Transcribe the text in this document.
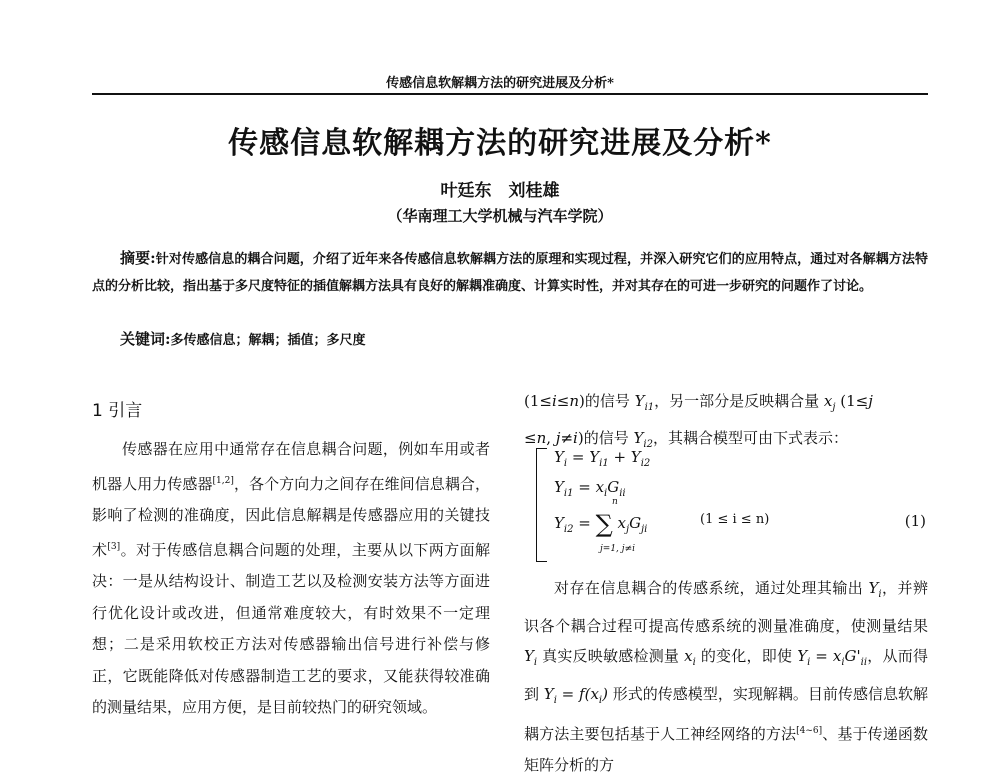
传感信息软解耦方法的研究进展及分析*
传感信息软解耦方法的研究进展及分析*
叶廷东　刘桂雄
（华南理工大学机械与汽车学院）
摘要:针对传感信息的耦合问题，介绍了近年来各传感信息软解耦方法的原理和实现过程，并深入研究它们的应用特点，通过对各解耦方法特点的分析比较，指出基于多尺度特征的插值解耦方法具有良好的解耦准确度、计算实时性，并对其存在的可进一步研究的问题作了讨论。
关键词:多传感信息；解耦；插值；多尺度
1 引言
传感器在应用中通常存在信息耦合问题，例如车用或者机器人用力传感器[1,2]，各个方向力之间存在维间信息耦合，影响了检测的准确度，因此信息解耦是传感器应用的关键技术[3]。对于传感信息耦合问题的处理，主要从以下两方面解决：一是从结构设计、制造工艺以及检测安装方法等方面进行优化设计或改进，但通常难度较大，有时效果不一定理想；二是采用软校正方法对传感器输出信号进行补偿与修正，它既能降低对传感器制造工艺的要求，又能获得较准确的测量结果，应用方便，是目前较热门的研究领域。
(1≤i≤n)的信号 $Y_{i1}$，另一部分是反映耦合量 $x_j$ (1≤j
≤n, j≠i)的信号 $Y_{i2}$，其耦合模型可由下式表示：
$Y_i = Y_{i1} + Y_{i2}$
$Y_{i1} = x_iG_{ii}$
$Y_{i2}$ = ∑ $x_jG_{ji}$
n
j=1, j≠i
(1 ≤ i ≤ n)	(1)
对存在信息耦合的传感系统，通过处理其输出 $Y_i$，并辨识各个耦合过程可提高传感系统的测量准确度，使测量结果 $Y_i$ 真实反映敏感检测量 $x_i$ 的变化，即使 $Y_i = x_iG'_{ii}$，从而得到 $Y_i = f(x_i)$ 形式的传感模型，实现解耦。目前传感信息软解耦方法主要包括基于人工神经网络的方法[4~6]、基于传递函数矩阵分析的方
